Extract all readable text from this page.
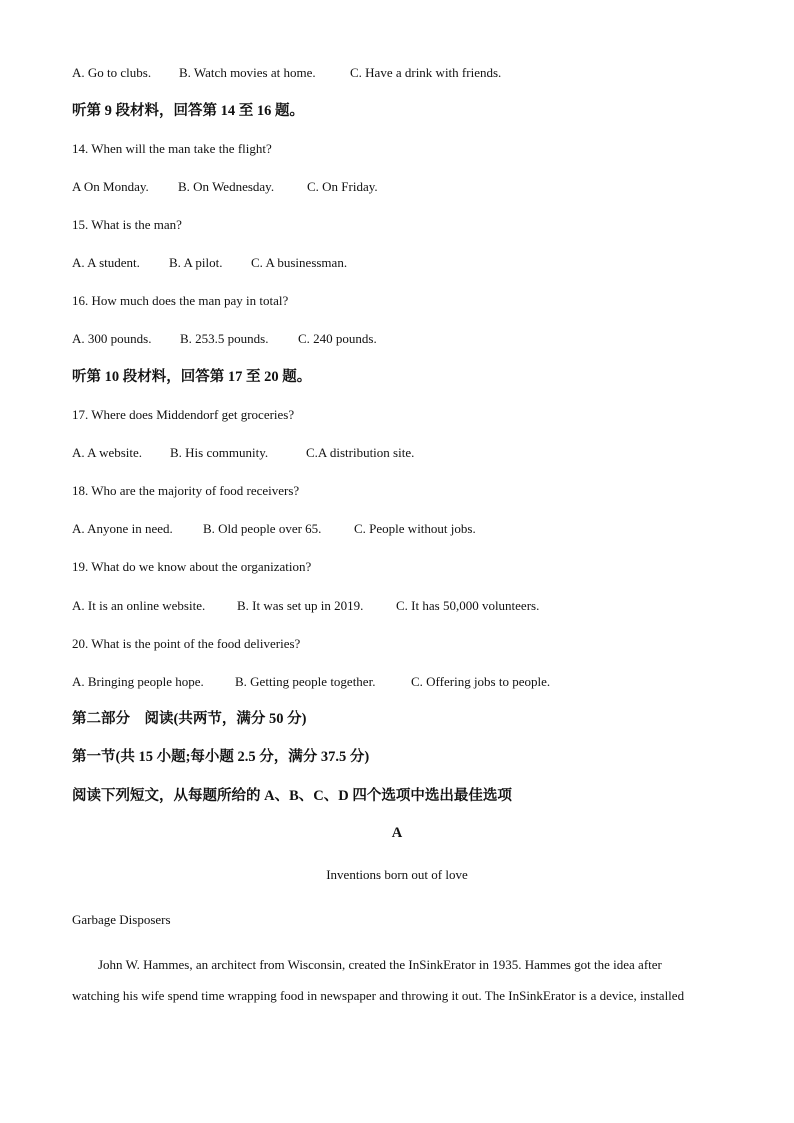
A. Go to clubs. B. Watch movies at home.	C. Have a drink with friends.
听第 9 段材料，回答第 14 至 16 题。
14. When will the man take the flight?
A On Monday. B. On Wednesday.	C. On Friday.
15. What is the man?
A. A student. B. A pilot. C. A businessman.
16. How much does the man pay in total?
A. 300 pounds. B. 253.5 pounds. C. 240 pounds.
听第 10 段材料，回答第 17 至 20 题。
17. Where does Middendorf get groceries?
A. A website. B. His community.	C.A distribution site.
18. Who are the majority of food receivers?
A. Anyone in need. B. Old people over 65.	C. People without jobs.
19. What do we know about the organization?
A. It is an online website. B. It was set up in 2019.	C. It has 50,000 volunteers.
20. What is the point of the food deliveries?
A. Bringing people hope. B. Getting people together.	C. Offering jobs to people.
第二部分　阅读(共两节，满分 50 分)
第一节(共 15 小题;每小题 2.5 分，满分 37.5 分)
阅读下列短文，从每题所给的 A、B、C、D 四个选项中选出最佳选项
A
Inventions born out of love
Garbage Disposers
John W. Hammes, an architect from Wisconsin, created the InSinkErator in 1935. Hammes got the idea after
watching his wife spend time wrapping food in newspaper and throwing it out. The InSinkErator is a device, installed
